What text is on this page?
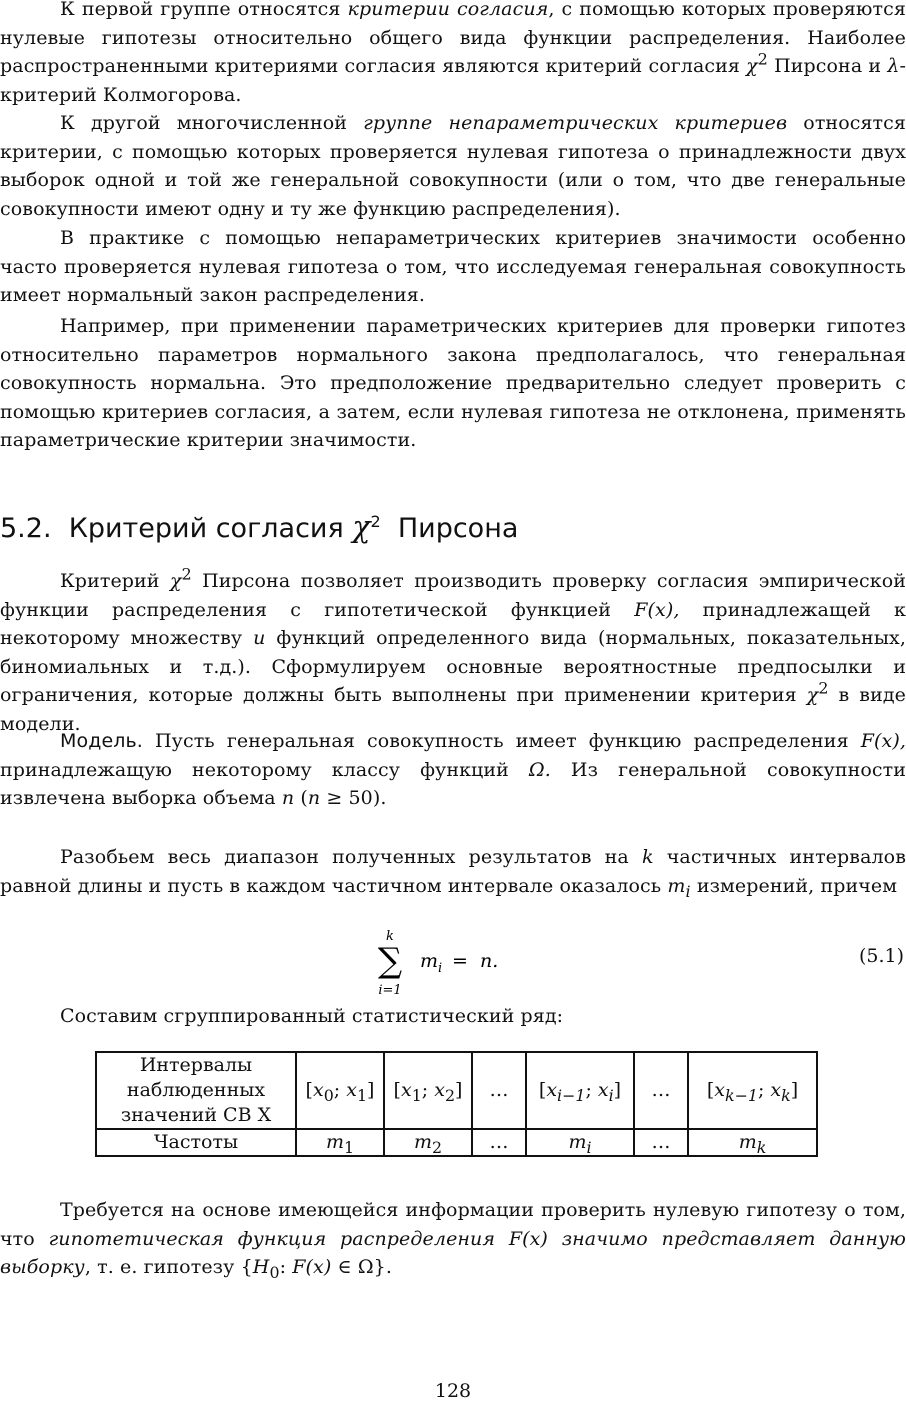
К первой группе относятся критерии согласия, с помощью которых проверяются нулевые гипотезы относительно общего вида функции распределения. Наиболее распространенными критериями согласия являются критерий согласия $\chi^2$ Пирсона и λ-критерий Колмогорова.

К другой многочисленной группе непараметрических критериев относятся критерии, с помощью которых проверяется нулевая гипотеза о принадлежности двух выборок одной и той же генеральной совокупности (или о том, что две генеральные совокупности имеют одну и ту же функцию распределения).

В практике с помощью непараметрических критериев значимости особенно часто проверяется нулевая гипотеза о том, что исследуемая генеральная совокупность имеет нормальный закон распределения.

Например, при применении параметрических критериев для проверки гипотез относительно параметров нормального закона предполагалось, что генеральная совокупность нормальна. Это предположение предварительно следует проверить с помощью критериев согласия, а затем, если нулевая гипотеза не отклонена, применять параметрические критерии значимости.

5.2. Критерий согласия $\chi^2$ Пирсона

Критерий $\chi^2$ Пирсона позволяет производить проверку согласия эмпирической функции распределения с гипотетической функцией F(x), принадлежащей к некоторому множеству u функций определенного вида (нормальных, показательных, биномиальных и т.д.). Сформулируем основные вероятностные предпосылки и ограничения, которые должны быть выполнены при применении критерия $\chi^2$ в виде модели.

Модель. Пусть генеральная совокупность имеет функцию распределения F(x), принадлежащую некоторому классу функций Ω. Из генеральной совокупности извлечена выборка объема n (n ≥ 50).

Разобьем весь диапазон полученных результатов на k частичных интервалов равной длины и пусть в каждом частичном интервале оказалось $m_i$ измерений, причем

k
∑
i=1
m i =  n.	(5.1)

Составим сгруппированный статистический ряд:

Интервалы
наблюденных
значений СВ X	[$x_0$; $x_1$]	[$x_1$; $x_2$]	…	[$x_{i-1}$; $x_i$]	…	[$x_{k-1}$; $x_k$]
Частоты	$m_1$	$m_2$	…	$m_i$	…	$m_k$

Требуется на основе имеющейся информации проверить нулевую гипотезу о том, что гипотетическая функция распределения F(x) значимо представляет данную выборку, т. е. гипотезу {$H_0$: F(x) ∈ Ω}.

128
